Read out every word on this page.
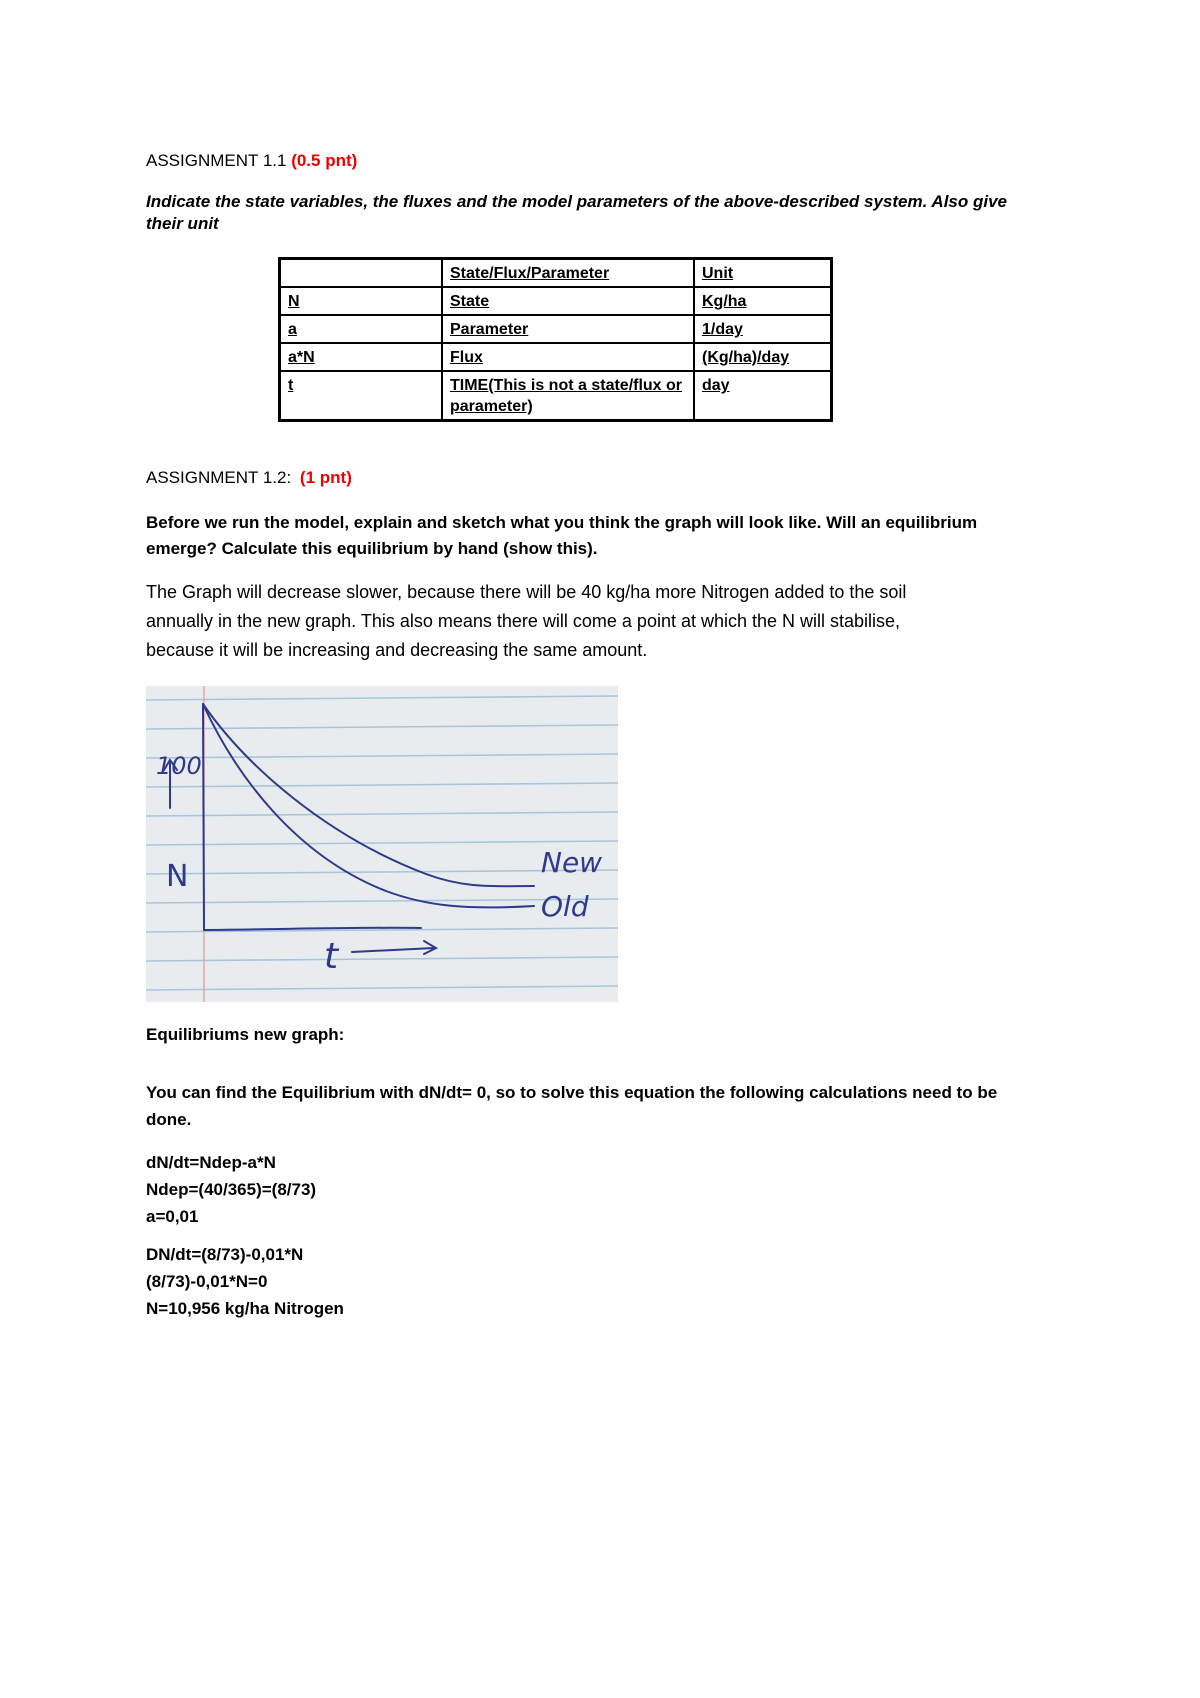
ASSIGNMENT 1.1 (0.5 pnt)
Indicate the state variables, the fluxes and the model parameters of the above-described system. Also give
their unit
	State/Flux/Parameter	Unit
N	State	Kg/ha
a	Parameter	1/day
a*N	Flux	(Kg/ha)/day
t	TIME(This is not a state/flux or parameter)	day
ASSIGNMENT 1.2: (1 pnt)
Before we run the model, explain and sketch what you think the graph will look like. Will an equilibrium
emerge? Calculate this equilibrium by hand (show this).
The Graph will decrease slower, because there will be 40 kg/ha more Nitrogen added to the soil
annually in the new graph. This also means there will come a point at which the N will stabilise,
because it will be increasing and decreasing the same amount.
100
N
t
New
Old
Equilibriums new graph:
You can find the Equilibrium with dN/dt= 0, so to solve this equation the following calculations need to be
done.
dN/dt=Ndep-a*N
Ndep=(40/365)=(8/73)
a=0,01
DN/dt=(8/73)-0,01*N
(8/73)-0,01*N=0
N=10,956 kg/ha Nitrogen
